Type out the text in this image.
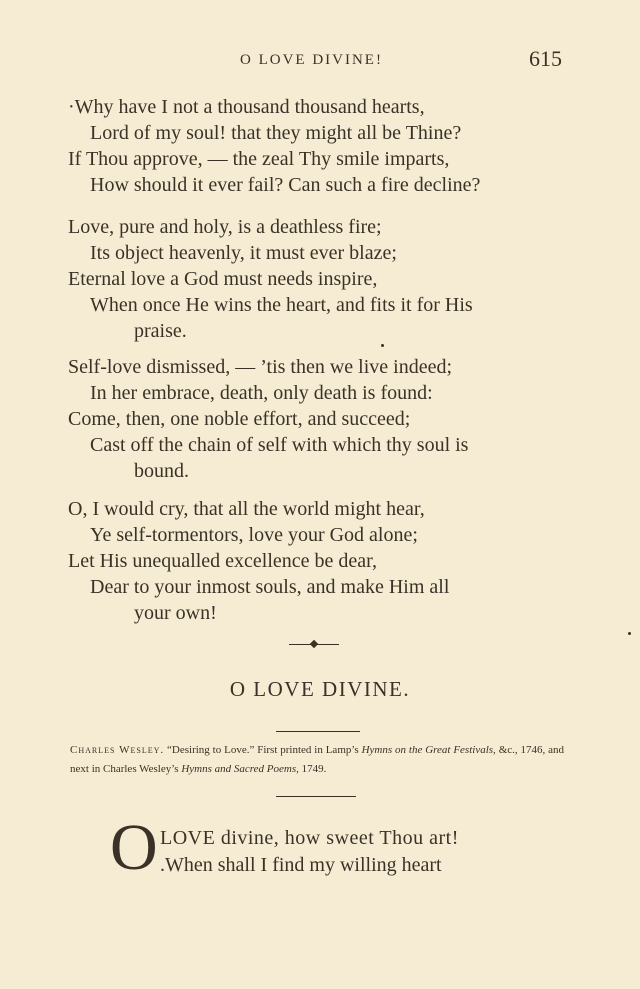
O LOVE DIVINE!	615
·Why have I not a thousand thousand hearts,
Lord of my soul! that they might all be Thine?
If Thou approve, — the zeal Thy smile imparts,
How should it ever fail? Can such a fire decline?
Love, pure and holy, is a deathless fire;
Its object heavenly, it must ever blaze;
Eternal love a God must needs inspire,
When once He wins the heart, and fits it for His
praise.
Self-love dismissed, — ’tis then we live indeed;
In her embrace, death, only death is found:
Come, then, one noble effort, and succeed;
Cast off the chain of self with which thy soul is
bound.
O, I would cry, that all the world might hear,
Ye self-tormentors, love your God alone;
Let His unequalled excellence be dear,
Dear to your inmost souls, and make Him all
your own!
O LOVE DIVINE.
Charles Wesley. “Desiring to Love.” First printed in Lamp’s Hymns on the Great Festivals, &c., 1746, and next in Charles Wesley’s Hymns and Sacred Poems, 1749.
O LOVE divine, how sweet Thou art!
.When shall I find my willing heart
